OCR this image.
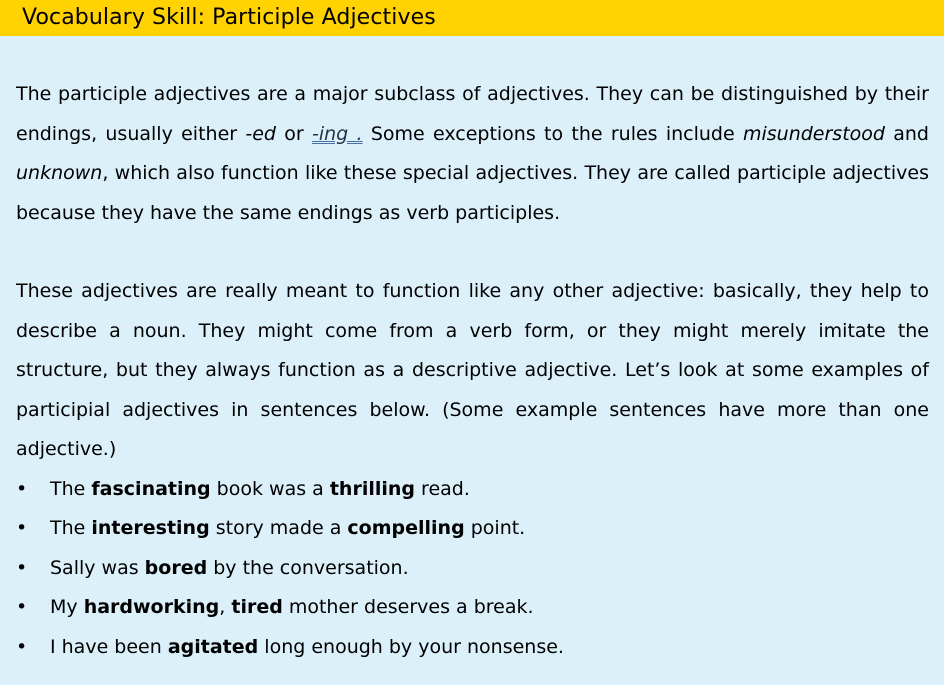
Vocabulary Skill: Participle Adjectives

The participle adjectives are a major subclass of adjectives. They can be distinguished by their endings, usually either -ed or -ing . Some exceptions to the rules include misunderstood and unknown, which also function like these special adjectives. They are called participle adjectives because they have the same endings as verb participles.

These adjectives are really meant to function like any other adjective: basically, they help to describe a noun. They might come from a verb form, or they might merely imitate the structure, but they always function as a descriptive adjective. Let’s look at some examples of participial adjectives in sentences below. (Some example sentences have more than one adjective.)

• The fascinating book was a thrilling read.
• The interesting story made a compelling point.
• Sally was bored by the conversation.
• My hardworking, tired mother deserves a break.
• I have been agitated long enough by your nonsense.
